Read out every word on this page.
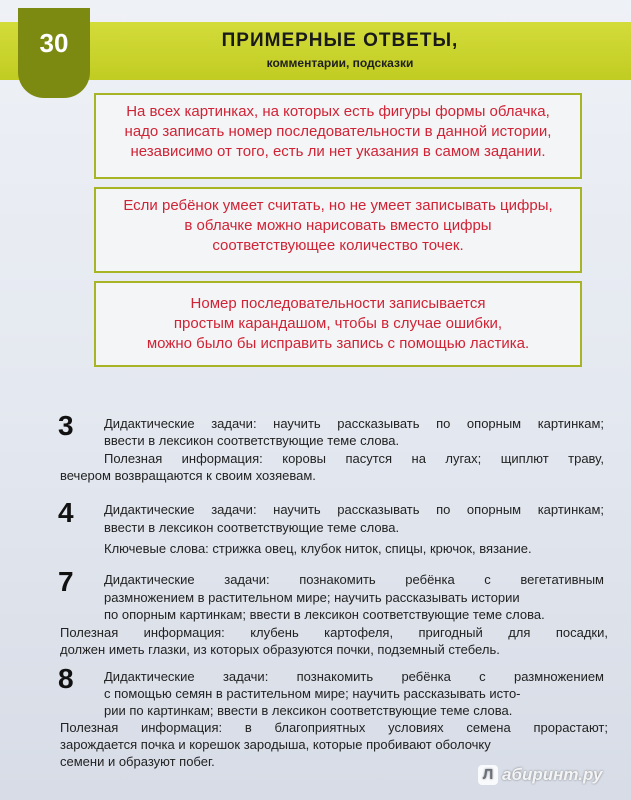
30	ПРИМЕРНЫЕ ОТВЕТЫ,
комментарии, подсказки
На всех картинках, на которых есть фигуры формы облачка,
надо записать номер последовательности в данной истории,
независимо от того, есть ли нет указания в самом задании.
Если ребёнок умеет считать, но не умеет записывать цифры,
в облачке можно нарисовать вместо цифры
соответствующее количество точек.
Номер последовательности записывается
простым карандашом, чтобы в случае ошибки,
можно было бы исправить запись с помощью ластика.
3	Дидактические задачи: научить рассказывать по опорным картинкам;
ввести в лексикон соответствующие теме слова.
Полезная информация: коровы пасутся на лугах; щиплют траву,
вечером возвращаются к своим хозяевам.
4	Дидактические задачи: научить рассказывать по опорным картинкам;
ввести в лексикон соответствующие теме слова.
Ключевые слова: стрижка овец, клубок ниток, спицы, крючок, вязание.
7	Дидактические задачи: познакомить ребёнка с вегетативным
размножением в растительном мире; научить рассказывать истории
по опорным картинкам; ввести в лексикон соответствующие теме слова.
Полезная информация: клубень картофеля, пригодный для посадки,
должен иметь глазки, из которых образуются почки, подземный стебель.
8	Дидактические задачи: познакомить ребёнка с размножением
с помощью семян в растительном мире; научить рассказывать исто-
рии по картинкам; ввести в лексикон соответствующие теме слова.
Полезная информация: в благоприятных условиях семена прорастают;
зарождается почка и корешок зародыша, которые пробивают оболочку
семени и образуют побег.
Л абиринт.ру
